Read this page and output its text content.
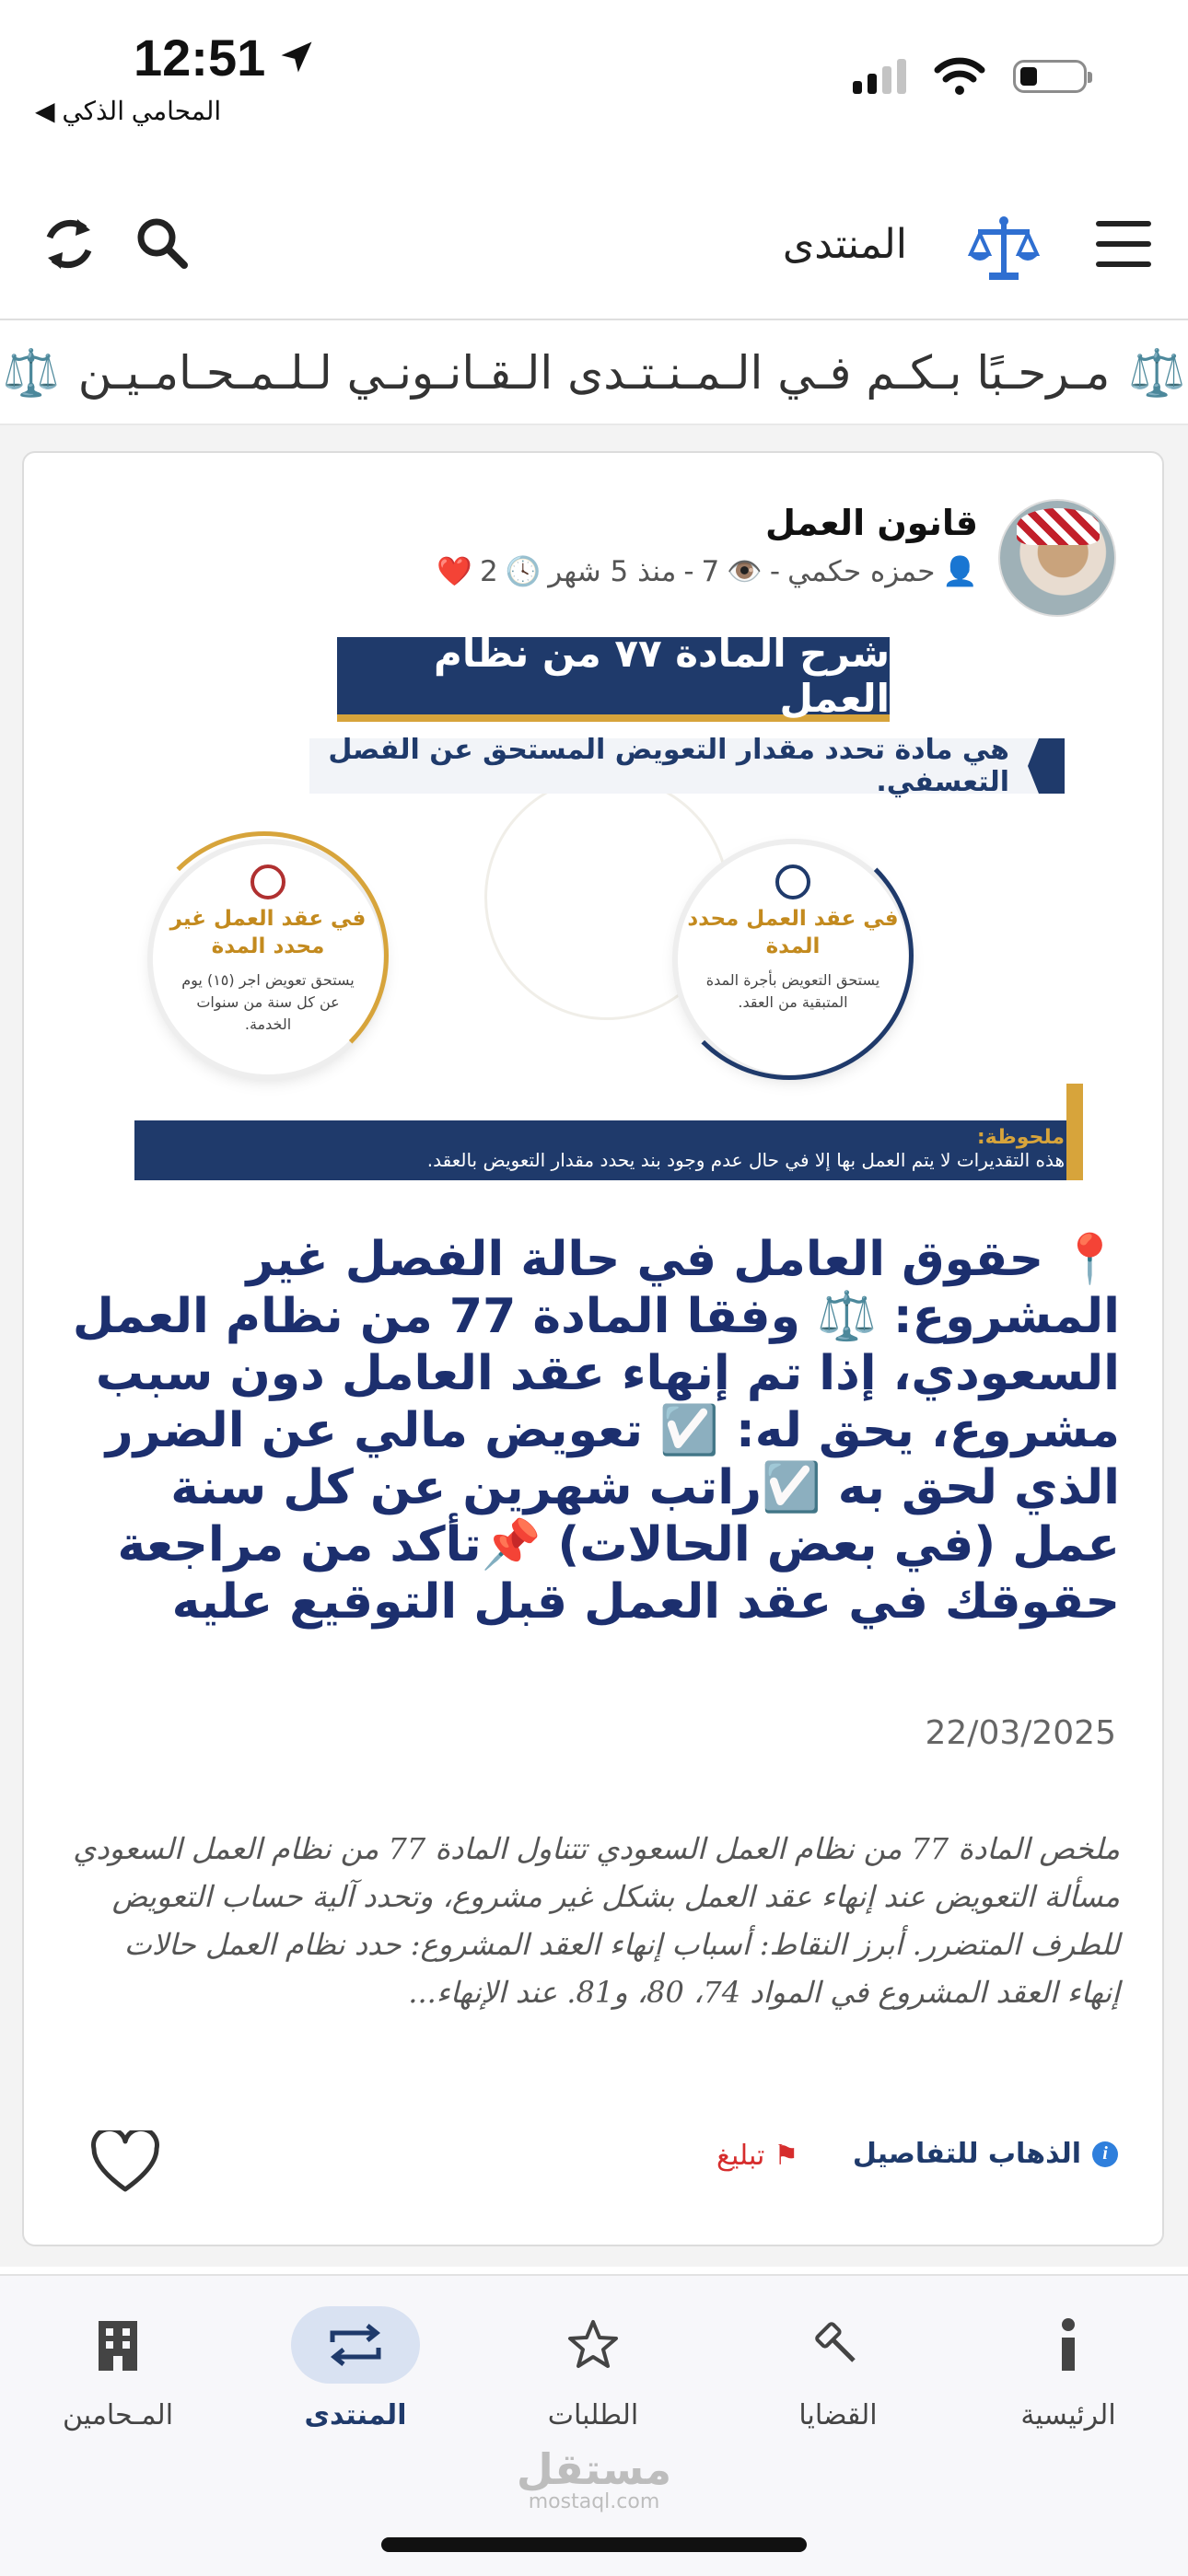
12:51
◀ المحامي الذكي
المنتدى
⚖️
مـرحـبًا بـكـم فـي الـمـنـتـدى الـقـانـونـي لـلـمـحـامـيـن
⚖️
قانون العمل
👤
حمزه حكمي
-
👁️
7
-
منذ 5 شهر
🕓
2
❤️
شرح المادة ٧٧ من نظام العمل
هي مادة تحدد مقدار التعويض المستحق عن الفصل التعسفي.
في عقد العمل غير محدد المدة
يستحق تعويض اجر (١٥) يوم عن كل سنة من سنوات الخدمة.
في عقد العمل محدد المدة
يستحق التعويض بأجرة المدة المتبقية من العقد.
ملحوظة:
هذه التقديرات لا يتم العمل بها إلا في حال عدم وجود بند يحدد مقدار التعويض بالعقد.
📍 حقوق العامل في حالة الفصل غير المشروع: ⚖️ وفقا المادة 77 من نظام العمل السعودي، إذا تم إنهاء عقد العامل دون سبب مشروع، يحق له: ☑️ تعويض مالي عن الضرر الذي لحق به ☑️راتب شهرين عن كل سنة عمل (في بعض الحالات) 📌تأكد من مراجعة حقوقك في عقد العمل قبل التوقيع عليه
22/03/2025
ملخص المادة 77 من نظام العمل السعودي تتناول المادة 77 من نظام العمل السعودي مسألة التعويض عند إنهاء عقد العمل بشكل غير مشروع، وتحدد آلية حساب التعويض للطرف المتضرر. أبرز النقاط: أسباب إنهاء العقد المشروع: حدد نظام العمل حالات إنهاء العقد المشروع في المواد 74، 80، و81. عند الإنهاء...
⚑
تبليغ	i
الذهاب للتفاصيل
الرئيسية
القضايا
الطلبات
المنتدى
المـحامين
مستقل
mostaql.com
